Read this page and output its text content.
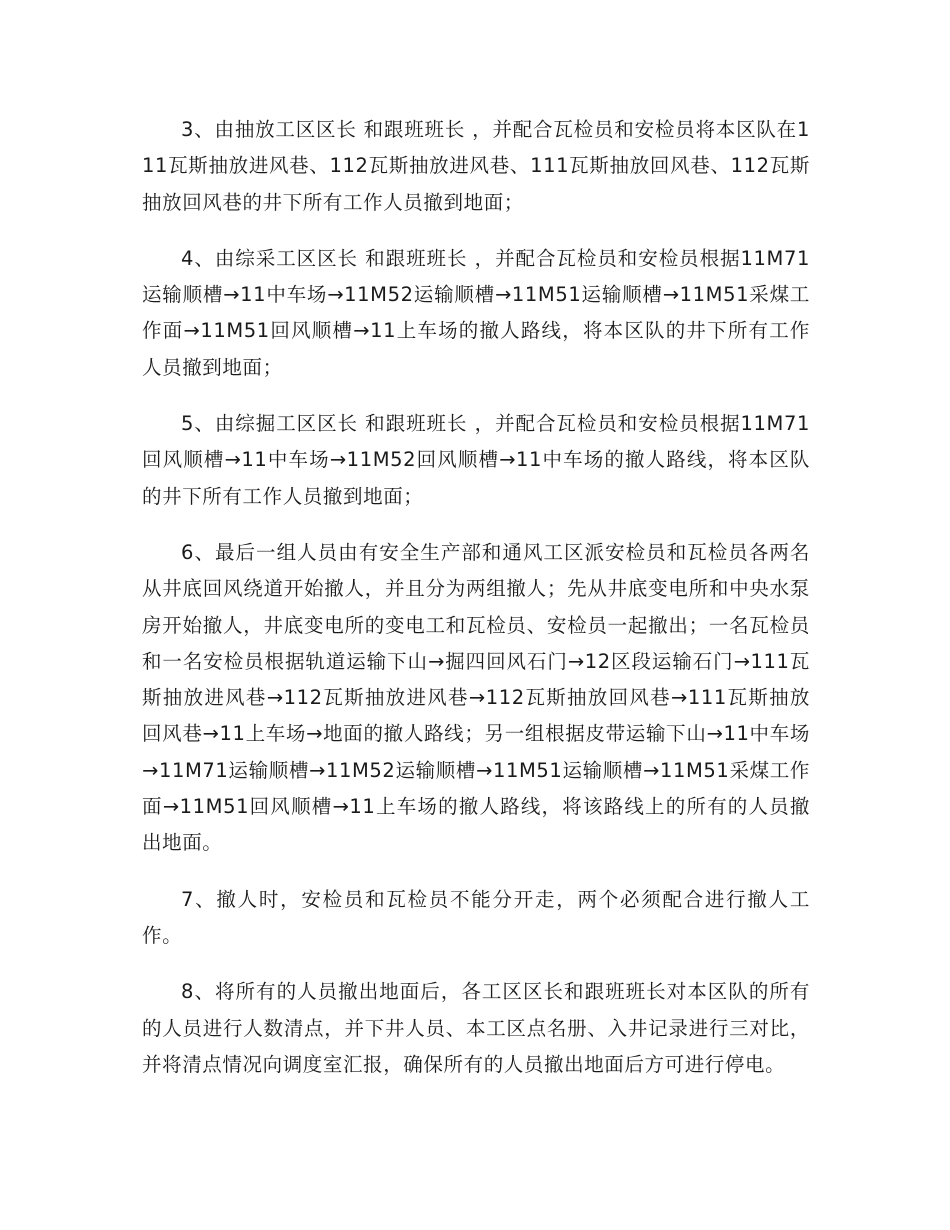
3、由抽放工区区长 和跟班班长 ，并配合瓦检员和安检员将本区队在111瓦斯抽放进风巷、112瓦斯抽放进风巷、111瓦斯抽放回风巷、112瓦斯抽放回风巷的井下所有工作人员撤到地面；

4、由综采工区区长 和跟班班长 ，并配合瓦检员和安检员根据11M71运输顺槽→11中车场→11M52运输顺槽→11M51运输顺槽→11M51采煤工作面→11M51回风顺槽→11上车场的撤人路线，将本区队的井下所有工作人员撤到地面；

5、由综掘工区区长 和跟班班长 ，并配合瓦检员和安检员根据11M71回风顺槽→11中车场→11M52回风顺槽→11中车场的撤人路线，将本区队的井下所有工作人员撤到地面；

6、最后一组人员由有安全生产部和通风工区派安检员和瓦检员各两名从井底回风绕道开始撤人，并且分为两组撤人；先从井底变电所和中央水泵房开始撤人，井底变电所的变电工和瓦检员、安检员一起撤出；一名瓦检员和一名安检员根据轨道运输下山→掘四回风石门→12区段运输石门→111瓦斯抽放进风巷→112瓦斯抽放进风巷→112瓦斯抽放回风巷→111瓦斯抽放回风巷→11上车场→地面的撤人路线；另一组根据皮带运输下山→11中车场→11M71运输顺槽→11M52运输顺槽→11M51运输顺槽→11M51采煤工作面→11M51回风顺槽→11上车场的撤人路线，将该路线上的所有的人员撤出地面。

7、撤人时，安检员和瓦检员不能分开走，两个必须配合进行撤人工作。

8、将所有的人员撤出地面后，各工区区长和跟班班长对本区队的所有的人员进行人数清点，并下井人员、本工区点名册、入井记录进行三对比，并将清点情况向调度室汇报，确保所有的人员撤出地面后方可进行停电。
